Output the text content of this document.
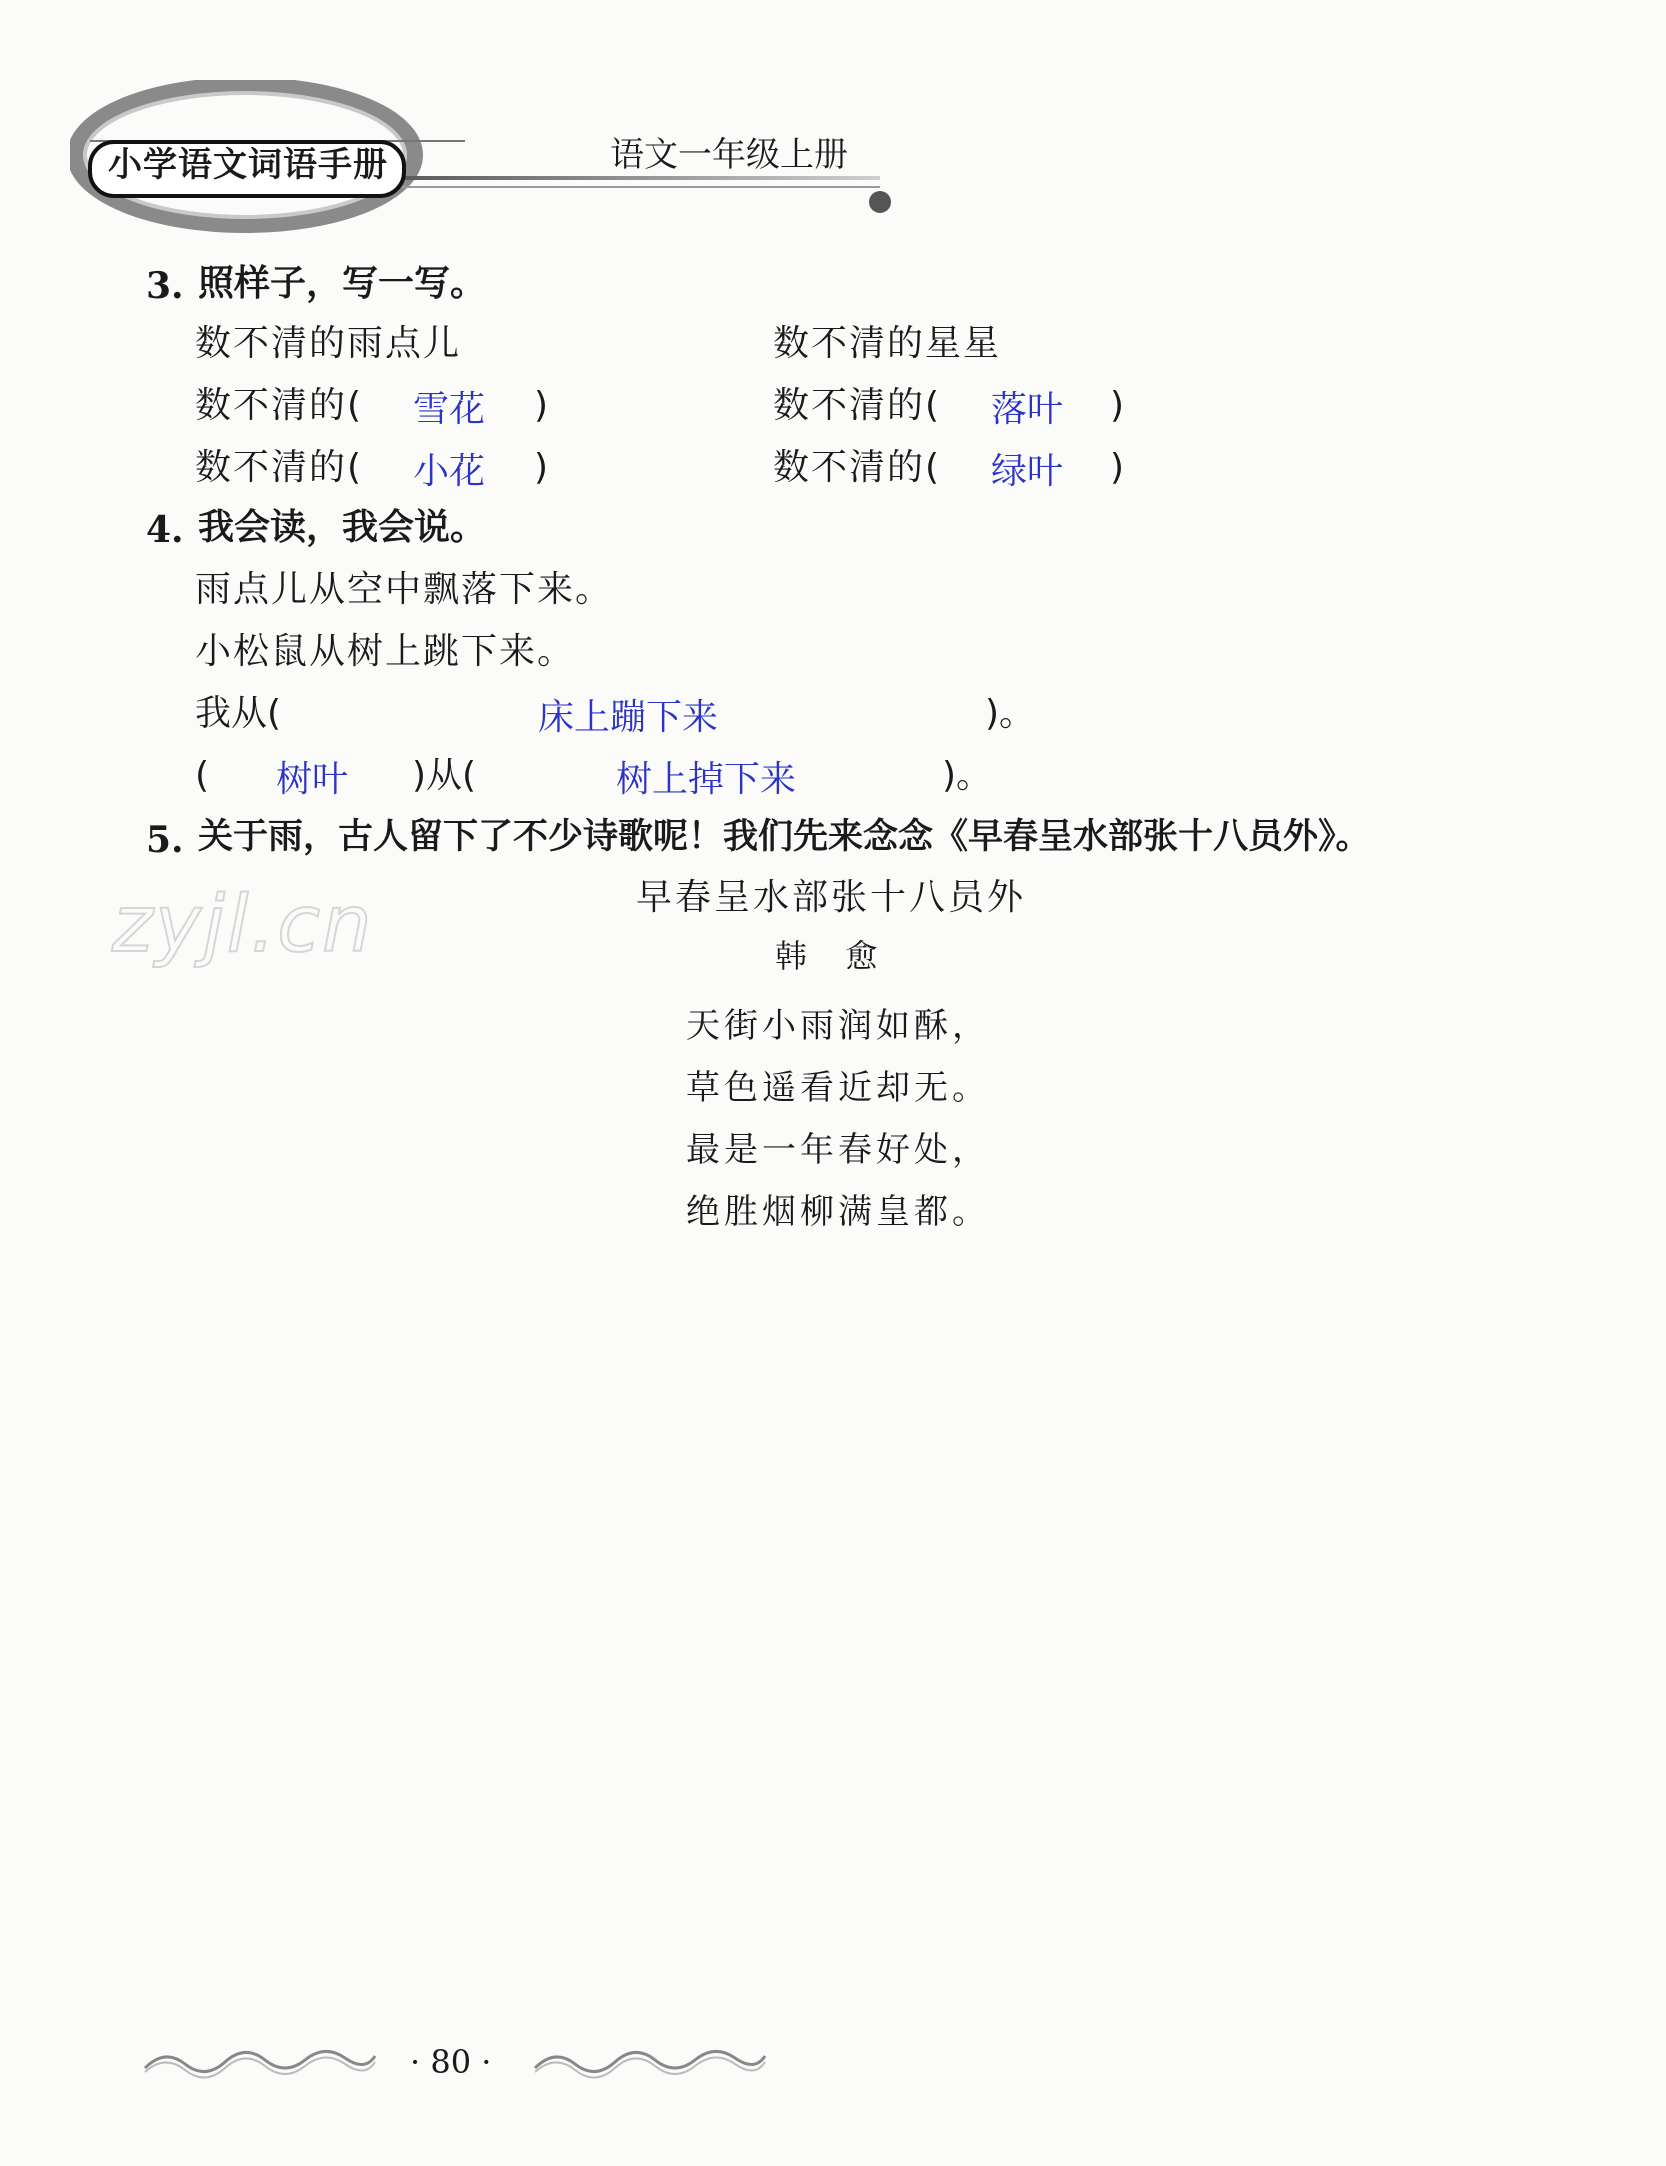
小学语文词语手册	语文一年级上册
3. 照样子，写一写。
数不清的雨点儿	数不清的星星
数不清的( 雪花 )	数不清的( 落叶 )
数不清的( 小花 )	数不清的( 绿叶 )
4. 我会读，我会说。
雨点儿从空中飘落下来。
小松鼠从树上跳下来。
我从(	床上蹦下来	)。
( 树叶 )从(	树上掉下来	)。
5. 关于雨，古人留下了不少诗歌呢！我们先来念念《早春呈水部张十八员外》。
早春呈水部张十八员外
韩  愈
天街小雨润如酥，
草色遥看近却无。
最是一年春好处，
绝胜烟柳满皇都。
zyjl.cn
· 80 ·
